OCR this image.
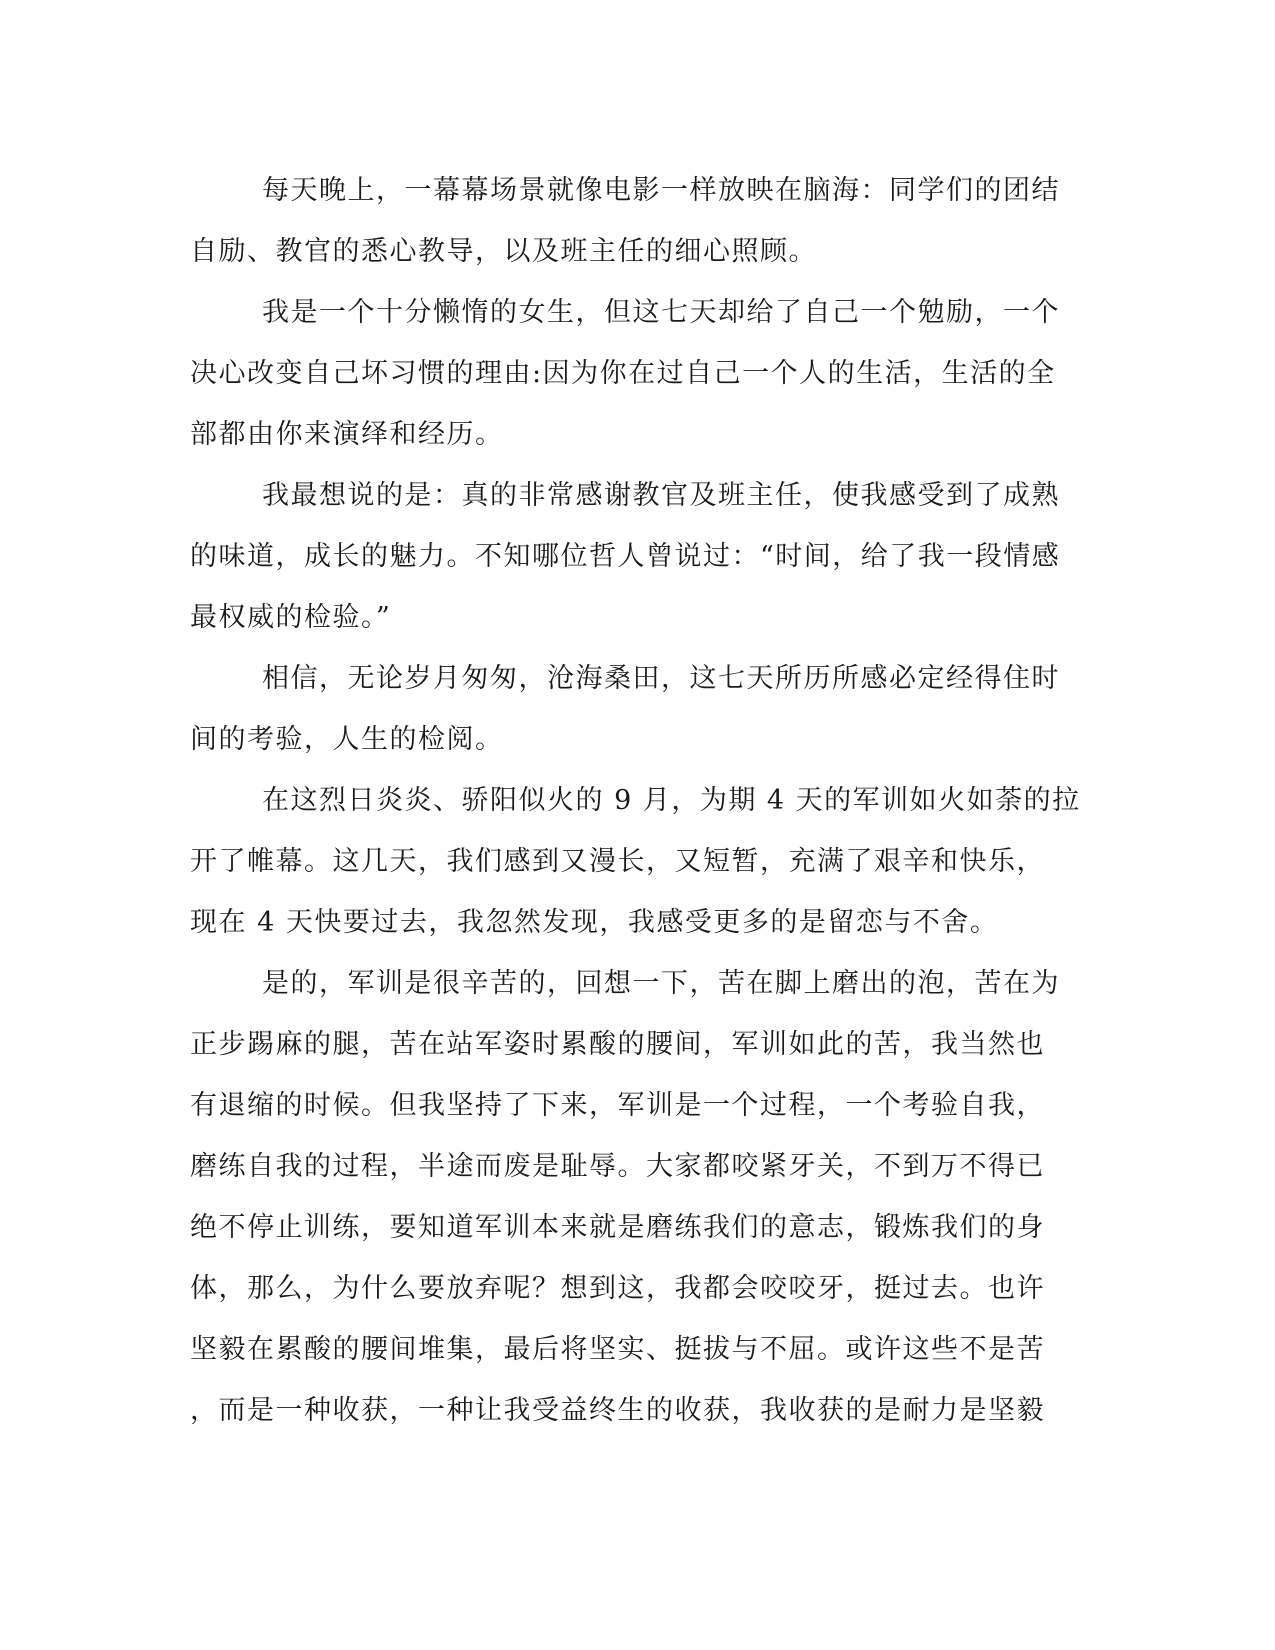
每天晚上，一幕幕场景就像电影一样放映在脑海：同学们的团结
自励、教官的悉心教导，以及班主任的细心照顾。

我是一个十分懒惰的女生，但这七天却给了自己一个勉励，一个
决心改变自己坏习惯的理由:因为你在过自己一个人的生活，生活的全
部都由你来演绎和经历。

我最想说的是：真的非常感谢教官及班主任，使我感受到了成熟
的味道，成长的魅力。不知哪位哲人曾说过：“时间，给了我一段情感
最权威的检验。”

相信，无论岁月匆匆，沧海桑田，这七天所历所感必定经得住时
间的考验，人生的检阅。

在这烈日炎炎、骄阳似火的 9 月，为期 4 天的军训如火如荼的拉
开了帷幕。这几天，我们感到又漫长，又短暂，充满了艰辛和快乐，
现在 4 天快要过去，我忽然发现，我感受更多的是留恋与不舍。

是的，军训是很辛苦的，回想一下，苦在脚上磨出的泡，苦在为
正步踢麻的腿，苦在站军姿时累酸的腰间，军训如此的苦，我当然也
有退缩的时候。但我坚持了下来，军训是一个过程，一个考验自我，
磨练自我的过程，半途而废是耻辱。大家都咬紧牙关，不到万不得已
绝不停止训练，要知道军训本来就是磨练我们的意志，锻炼我们的身
体，那么，为什么要放弃呢？想到这，我都会咬咬牙，挺过去。也许
坚毅在累酸的腰间堆集，最后将坚实、挺拔与不屈。或许这些不是苦
，而是一种收获，一种让我受益终生的收获，我收获的是耐力是坚毅
